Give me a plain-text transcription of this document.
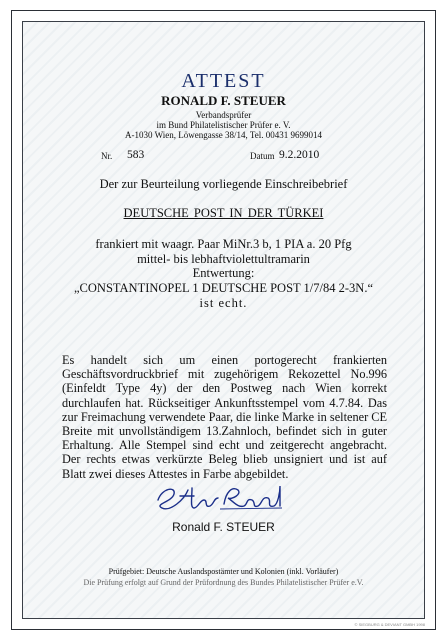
ATTEST
RONALD F. STEUER
Verbandsprüfer
im Bund Philatelistischer Prüfer e. V.
A-1030 Wien, Löwengasse 38/14, Tel. 00431 9699014
Nr. 583	Datum 9.2.2010
Der zur Beurteilung vorliegende Einschreibebrief
DEUTSCHE POST IN DER TÜRKEI
frankiert mit waagr. Paar MiNr.3 b, 1 PIA a. 20 Pfg
mittel- bis lebhaftviolettultramarin
Entwertung:
„CONSTANTINOPEL 1 DEUTSCHE POST 1/7/84 2-3N.“
ist echt.
Es handelt sich um einen portogerecht frankierten Geschäftsvordruckbrief mit zugehörigem Rekozettel No.996 (Einfeldt Type 4y) der den Postweg nach Wien korrekt durchlaufen hat. Rückseitiger Ankunftsstempel vom 4.7.84. Das zur Freimachung verwendete Paar, die linke Marke in seltener CE Breite mit unvollständigem 13.Zahnloch, befindet sich in guter Erhaltung. Alle Stempel sind echt und zeitgerecht angebracht. Der rechts etwas verkürzte Beleg blieb unsigniert und ist auf Blatt zwei dieses Attestes in Farbe abgebildet.
Ronald F. STEUER
Prüfgebiet: Deutsche Auslandspostämter und Kolonien (inkl. Vorläufer)
Die Prüfung erfolgt auf Grund der Prüfordnung des Bundes Philatelistischer Prüfer e.V.
© SIEGBURG & DEVIANT GMBH 1998
